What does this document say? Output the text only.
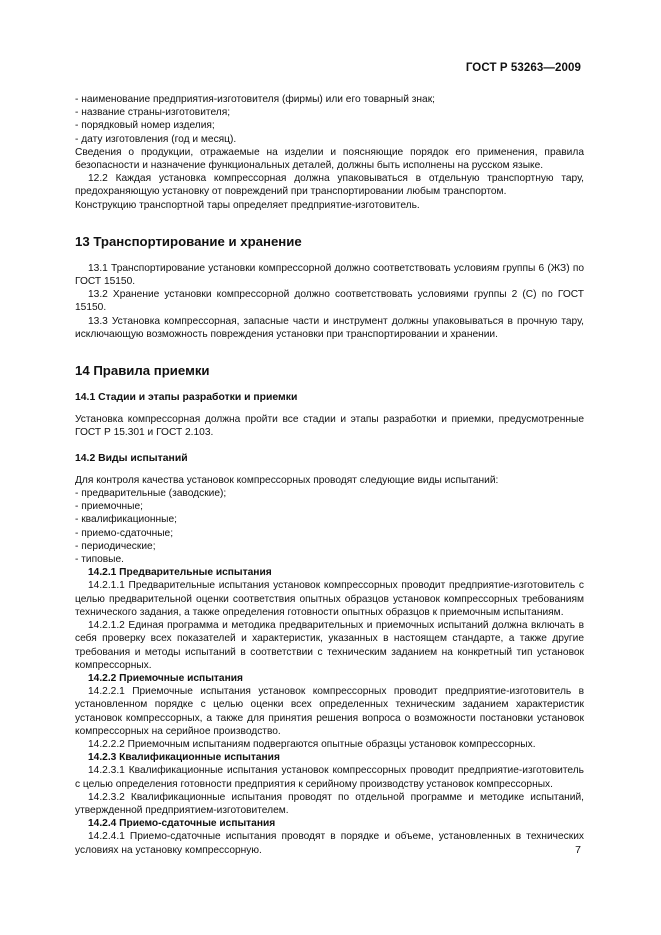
ГОСТ Р 53263—2009

- наименование предприятия-изготовителя (фирмы) или его товарный знак;

- название страны-изготовителя;

- порядковый номер изделия;

- дату изготовления (год и месяц).

Сведения о продукции, отражаемые на изделии и поясняющие порядок его применения, правила безопасности и назначение функциональных деталей, должны быть исполнены на русском языке.

12.2 Каждая установка компрессорная должна упаковываться в отдельную транспортную тару, предохраняющую установку от повреждений при транспортировании любым транспортом.

Конструкцию транспортной тары определяет предприятие-изготовитель.

13 Транспортирование и хранение

13.1 Транспортирование установки компрессорной должно соответствовать условиям группы 6 (ЖЗ) по ГОСТ 15150.

13.2 Хранение установки компрессорной должно соответствовать условиями группы 2 (С) по ГОСТ 15150.

13.3 Установка компрессорная, запасные части и инструмент должны упаковываться в прочную тару, исключающую возможность повреждения установки при транспортировании и хранении.

14 Правила приемки

14.1 Стадии и этапы разработки и приемки

Установка компрессорная должна пройти все стадии и этапы разработки и приемки, предусмотренные ГОСТ Р 15.301 и ГОСТ 2.103.

14.2 Виды испытаний

Для контроля качества установок компрессорных проводят следующие виды испытаний:

- предварительные (заводские);

- приемочные;

- квалификационные;

- приемо-сдаточные;

- периодические;

- типовые.

14.2.1 Предварительные испытания

14.2.1.1 Предварительные испытания установок компрессорных проводит предприятие-изготовитель с целью предварительной оценки соответствия опытных образцов установок компрессорных требованиям технического задания, а также определения готовности опытных образцов к приемочным испытаниям.

14.2.1.2 Единая программа и методика предварительных и приемочных испытаний должна включать в себя проверку всех показателей и характеристик, указанных в настоящем стандарте, а также другие требования и методы испытаний в соответствии с техническим заданием на конкретный тип установок компрессорных.

14.2.2 Приемочные испытания

14.2.2.1 Приемочные испытания установок компрессорных проводит предприятие-изготовитель в установленном порядке с целью оценки всех определенных техническим заданием характеристик установок компрессорных, а также для принятия решения вопроса о возможности постановки установок компрессорных на серийное производство.

14.2.2.2 Приемочным испытаниям подвергаются опытные образцы установок компрессорных.

14.2.3 Квалификационные испытания

14.2.3.1 Квалификационные испытания установок компрессорных проводит предприятие-изготовитель с целью определения готовности предприятия к серийному производству установок компрессорных.

14.2.3.2 Квалификационные испытания проводят по отдельной программе и методике испытаний, утвержденной предприятием-изготовителем.

14.2.4 Приемо-сдаточные испытания

14.2.4.1 Приемо-сдаточные испытания проводят в порядке и объеме, установленных в технических условиях на установку компрессорную.	7
